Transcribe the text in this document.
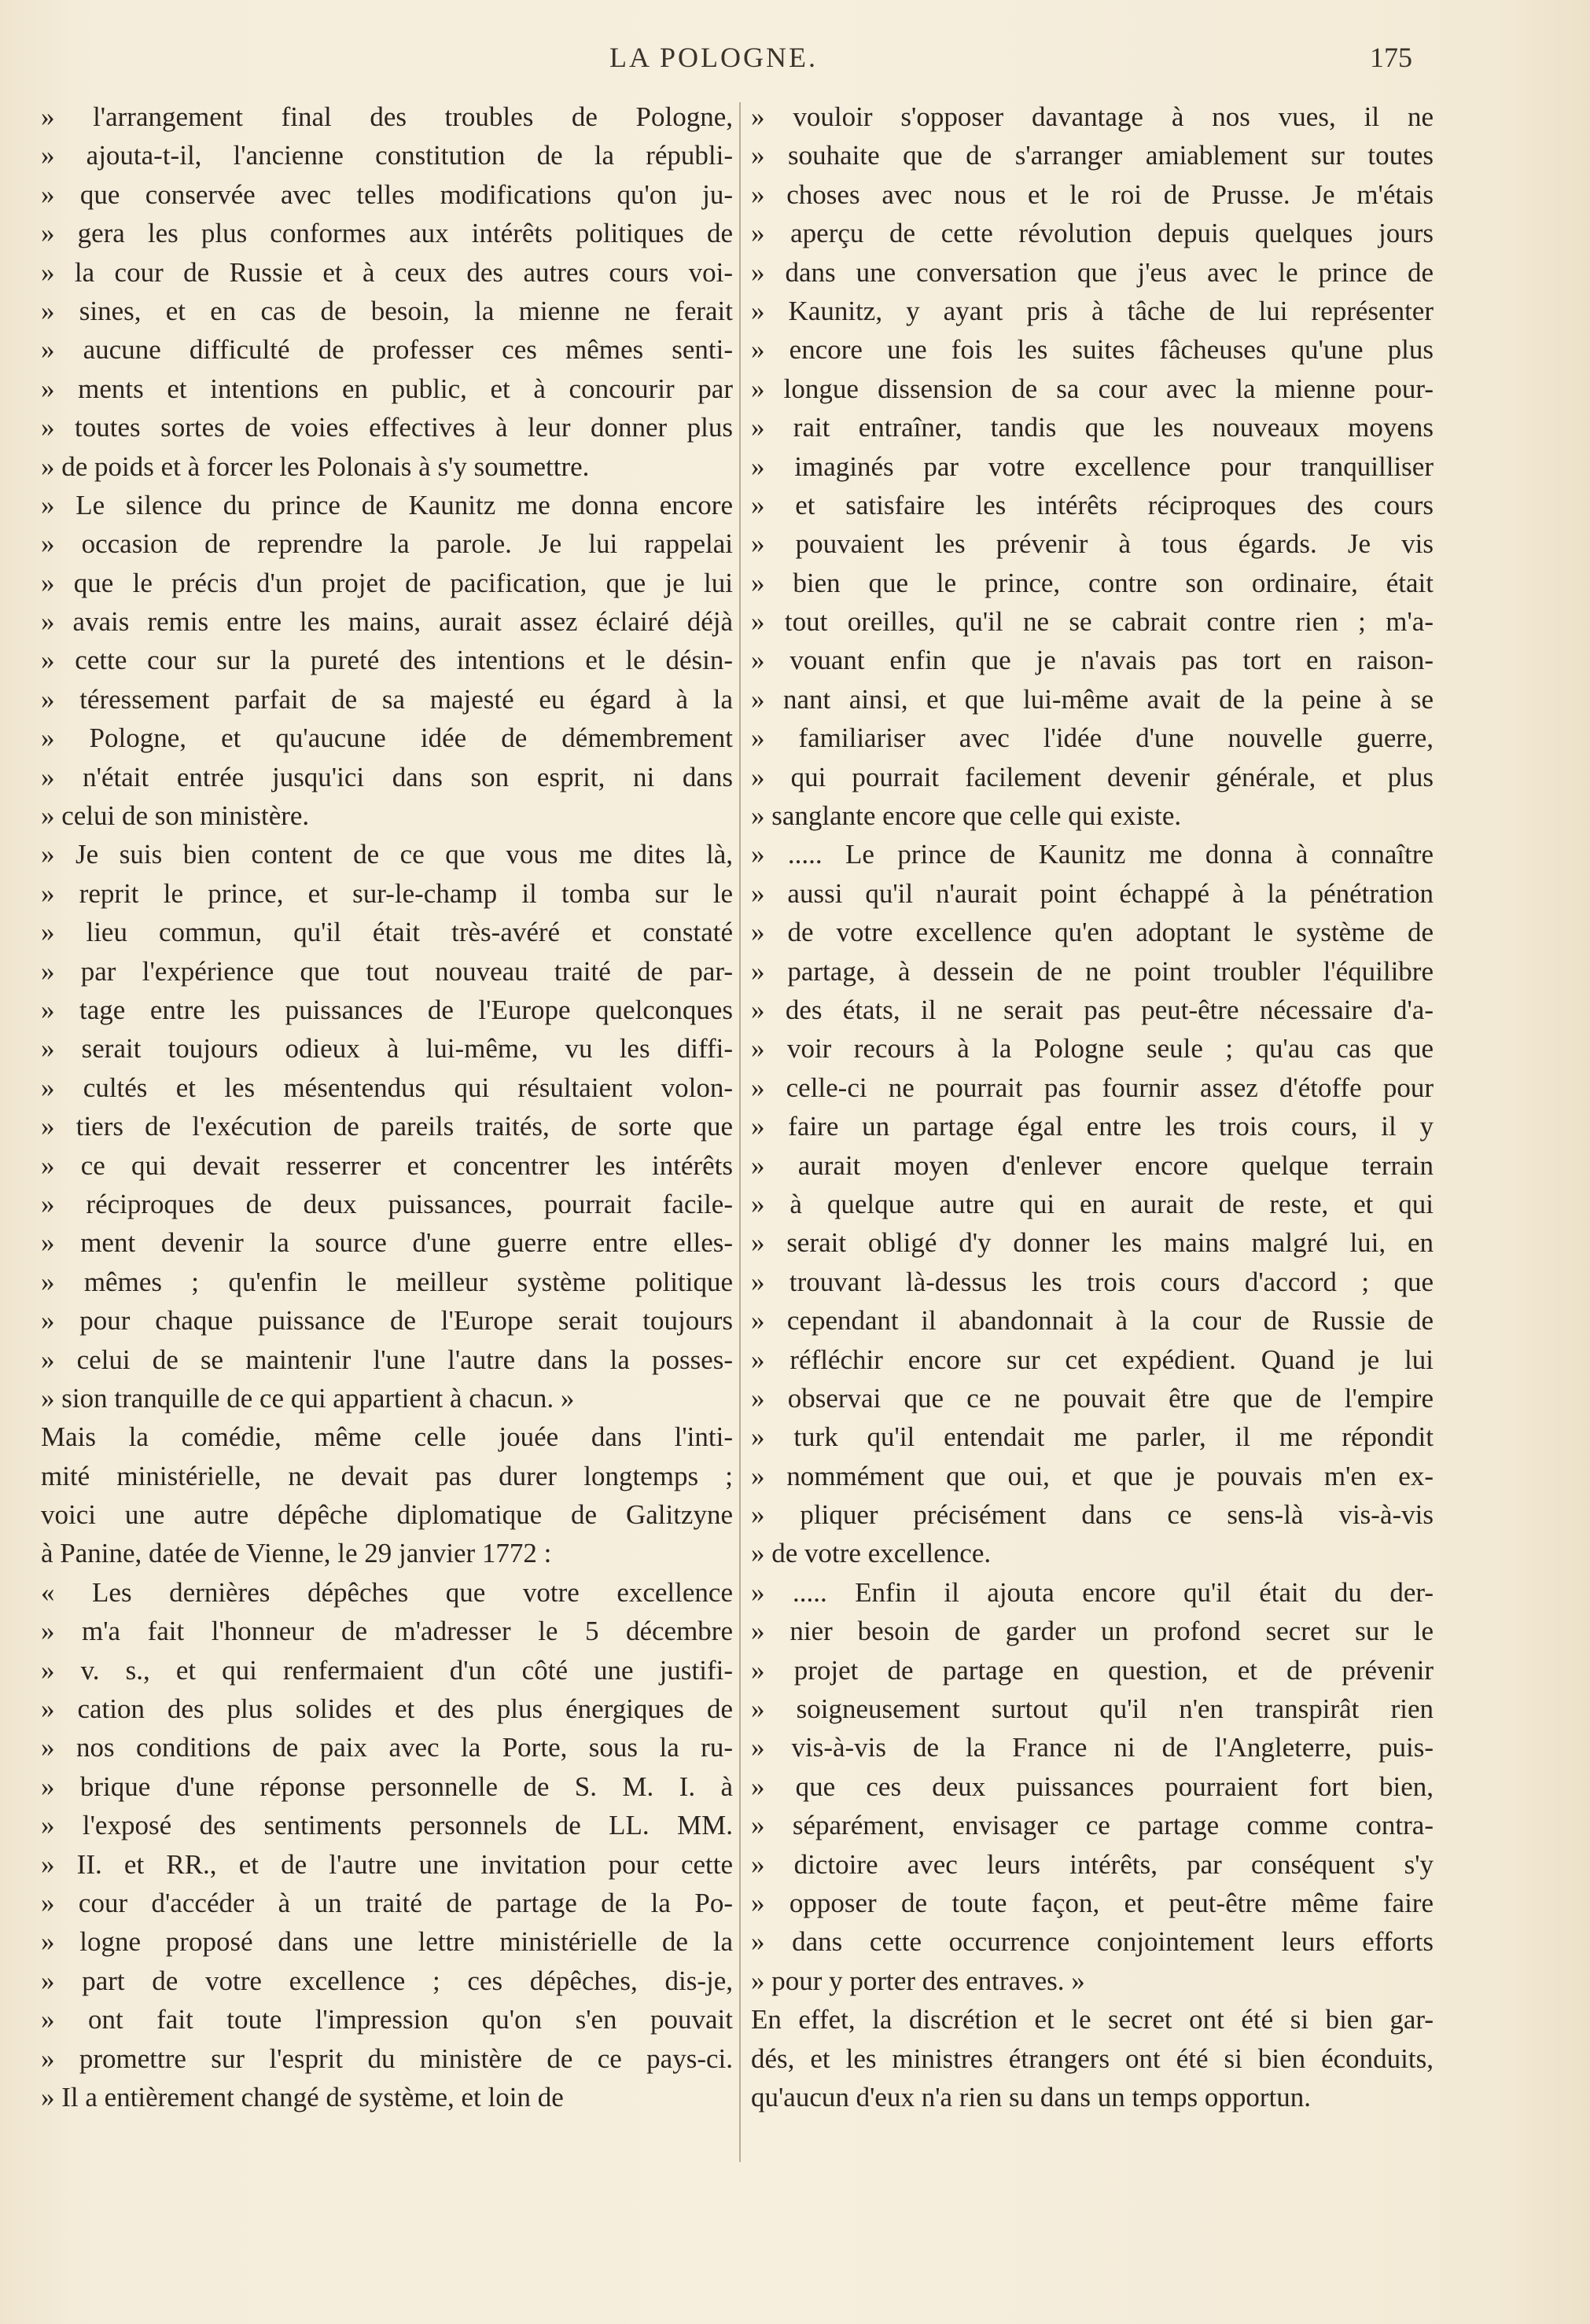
LA POLOGNE.	175
» l'arrangement final des troubles de Pologne,
» ajouta-t-il, l'ancienne constitution de la républi-
» que conservée avec telles modifications qu'on ju-
» gera les plus conformes aux intérêts politiques de
» la cour de Russie et à ceux des autres cours voi-
» sines, et en cas de besoin, la mienne ne ferait
» aucune difficulté de professer ces mêmes senti-
» ments et intentions en public, et à concourir par
» toutes sortes de voies effectives à leur donner plus
» de poids et à forcer les Polonais à s'y soumettre.
» Le silence du prince de Kaunitz me donna encore
» occasion de reprendre la parole. Je lui rappelai
» que le précis d'un projet de pacification, que je lui
» avais remis entre les mains, aurait assez éclairé déjà
» cette cour sur la pureté des intentions et le désin-
» téressement parfait de sa majesté eu égard à la
» Pologne, et qu'aucune idée de démembrement
» n'était entrée jusqu'ici dans son esprit, ni dans
» celui de son ministère.
» Je suis bien content de ce que vous me dites là,
» reprit le prince, et sur-le-champ il tomba sur le
» lieu commun, qu'il était très-avéré et constaté
» par l'expérience que tout nouveau traité de par-
» tage entre les puissances de l'Europe quelconques
» serait toujours odieux à lui-même, vu les diffi-
» cultés et les mésentendus qui résultaient volon-
» tiers de l'exécution de pareils traités, de sorte que
» ce qui devait resserrer et concentrer les intérêts
» réciproques de deux puissances, pourrait facile-
» ment devenir la source d'une guerre entre elles-
» mêmes ; qu'enfin le meilleur système politique
» pour chaque puissance de l'Europe serait toujours
» celui de se maintenir l'une l'autre dans la posses-
» sion tranquille de ce qui appartient à chacun. »
Mais la comédie, même celle jouée dans l'inti-
mité ministérielle, ne devait pas durer longtemps ;
voici une autre dépêche diplomatique de Galitzyne
à Panine, datée de Vienne, le 29 janvier 1772 :
« Les dernières dépêches que votre excellence
» m'a fait l'honneur de m'adresser le 5 décembre
» v. s., et qui renfermaient d'un côté une justifi-
» cation des plus solides et des plus énergiques de
» nos conditions de paix avec la Porte, sous la ru-
» brique d'une réponse personnelle de S. M. I. à
» l'exposé des sentiments personnels de LL. MM.
» II. et RR., et de l'autre une invitation pour cette
» cour d'accéder à un traité de partage de la Po-
» logne proposé dans une lettre ministérielle de la
» part de votre excellence ; ces dépêches, dis-je,
» ont fait toute l'impression qu'on s'en pouvait
» promettre sur l'esprit du ministère de ce pays-ci.
» Il a entièrement changé de système, et loin de
» vouloir s'opposer davantage à nos vues, il ne
» souhaite que de s'arranger amiablement sur toutes
» choses avec nous et le roi de Prusse. Je m'étais
» aperçu de cette révolution depuis quelques jours
» dans une conversation que j'eus avec le prince de
» Kaunitz, y ayant pris à tâche de lui représenter
» encore une fois les suites fâcheuses qu'une plus
» longue dissension de sa cour avec la mienne pour-
» rait entraîner, tandis que les nouveaux moyens
» imaginés par votre excellence pour tranquilliser
» et satisfaire les intérêts réciproques des cours
» pouvaient les prévenir à tous égards. Je vis
» bien que le prince, contre son ordinaire, était
» tout oreilles, qu'il ne se cabrait contre rien ; m'a-
» vouant enfin que je n'avais pas tort en raison-
» nant ainsi, et que lui-même avait de la peine à se
» familiariser avec l'idée d'une nouvelle guerre,
» qui pourrait facilement devenir générale, et plus
» sanglante encore que celle qui existe.
» ..... Le prince de Kaunitz me donna à connaître
» aussi qu'il n'aurait point échappé à la pénétration
» de votre excellence qu'en adoptant le système de
» partage, à dessein de ne point troubler l'équilibre
» des états, il ne serait pas peut-être nécessaire d'a-
» voir recours à la Pologne seule ; qu'au cas que
» celle-ci ne pourrait pas fournir assez d'étoffe pour
» faire un partage égal entre les trois cours, il y
» aurait moyen d'enlever encore quelque terrain
» à quelque autre qui en aurait de reste, et qui
» serait obligé d'y donner les mains malgré lui, en
» trouvant là-dessus les trois cours d'accord ; que
» cependant il abandonnait à la cour de Russie de
» réfléchir encore sur cet expédient. Quand je lui
» observai que ce ne pouvait être que de l'empire
» turk qu'il entendait me parler, il me répondit
» nommément que oui, et que je pouvais m'en ex-
» pliquer précisément dans ce sens-là vis-à-vis
» de votre excellence.
» ..... Enfin il ajouta encore qu'il était du der-
» nier besoin de garder un profond secret sur le
» projet de partage en question, et de prévenir
» soigneusement surtout qu'il n'en transpirât rien
» vis-à-vis de la France ni de l'Angleterre, puis-
» que ces deux puissances pourraient fort bien,
» séparément, envisager ce partage comme contra-
» dictoire avec leurs intérêts, par conséquent s'y
» opposer de toute façon, et peut-être même faire
» dans cette occurrence conjointement leurs efforts
» pour y porter des entraves. »
En effet, la discrétion et le secret ont été si bien gar-
dés, et les ministres étrangers ont été si bien éconduits,
qu'aucun d'eux n'a rien su dans un temps opportun.
